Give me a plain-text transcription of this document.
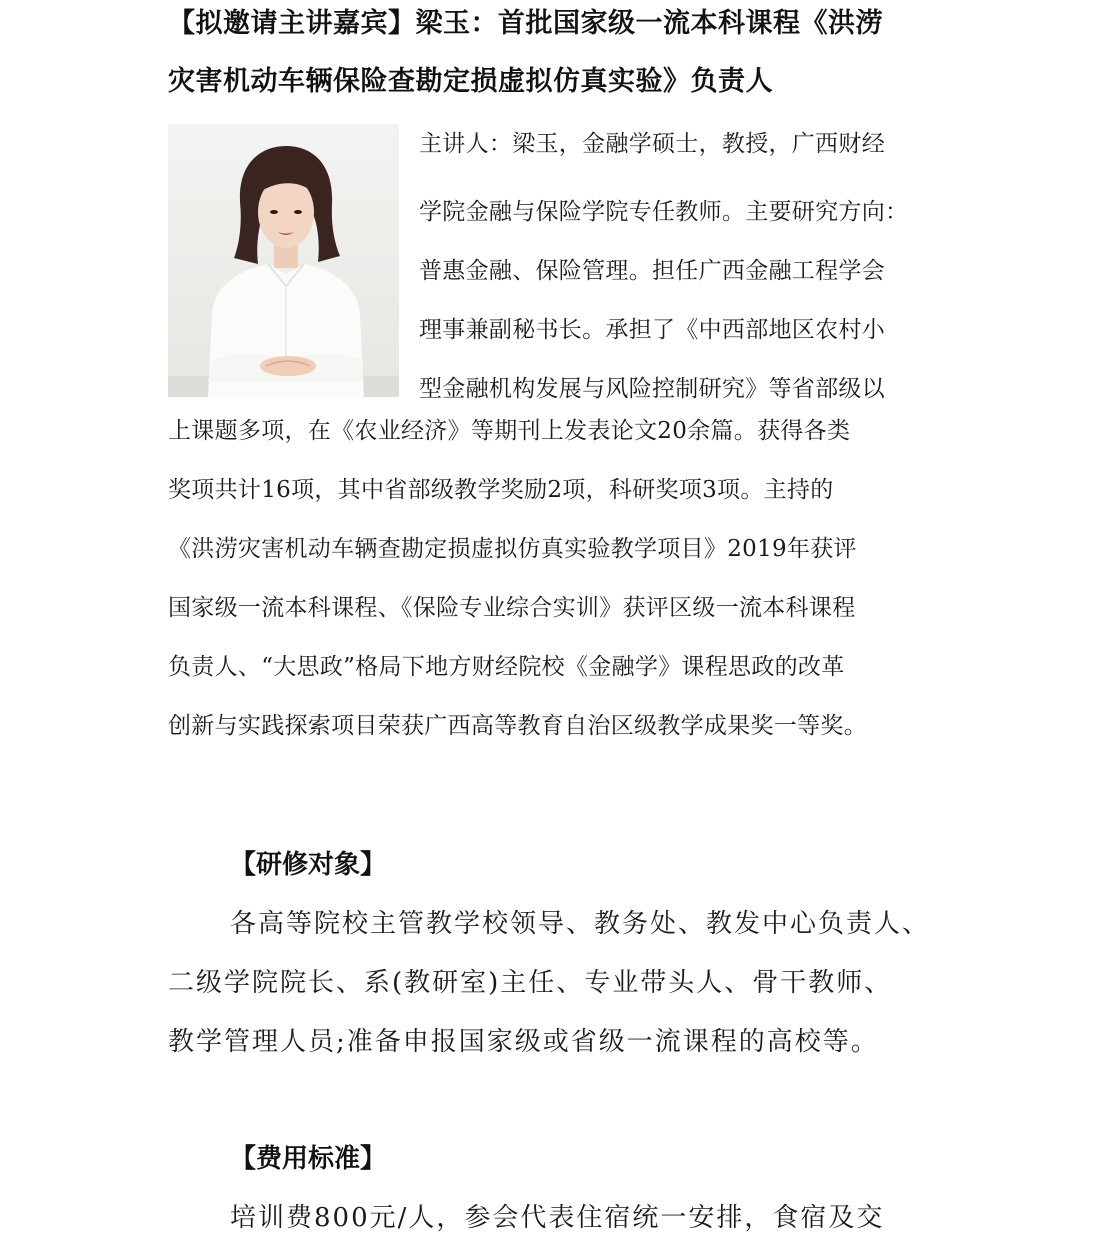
【拟邀请主讲嘉宾】梁玉：首批国家级一流本科课程《洪涝
灾害机动车辆保险查勘定损虚拟仿真实验》负责人
主讲人：梁玉，金融学硕士，教授，广西财经
学院金融与保险学院专任教师。主要研究方向：
普惠金融、保险管理。担任广西金融工程学会
理事兼副秘书长。承担了《中西部地区农村小
型金融机构发展与风险控制研究》等省部级以
上课题多项，在《农业经济》等期刊上发表论文20余篇。获得各类
奖项共计16项，其中省部级教学奖励2项，科研奖项3项。主持的
《洪涝灾害机动车辆查勘定损虚拟仿真实验教学项目》2019年获评
国家级一流本科课程、《保险专业综合实训》获评区级一流本科课程
负责人、“大思政”格局下地方财经院校《金融学》课程思政的改革
创新与实践探索项目荣获广西高等教育自治区级教学成果奖一等奖。
【研修对象】
各高等院校主管教学校领导、教务处、教发中心负责人、
二级学院院长、系(教研室)主任、专业带头人、骨干教师、
教学管理人员;准备申报国家级或省级一流课程的高校等。
【费用标准】
培训费800元/人，参会代表住宿统一安排，食宿及交
